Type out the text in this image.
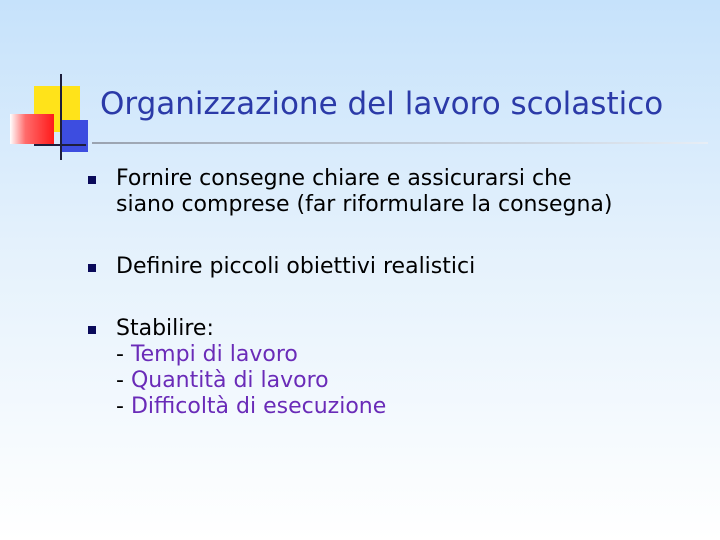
Organizzazione del lavoro scolastico
Fornire consegne chiare e assicurarsi che
siano comprese (far riformulare la consegna)
Definire piccoli obiettivi realistici
Stabilire:
- Tempi di lavoro
- Quantità di lavoro
- Difficoltà di esecuzione
